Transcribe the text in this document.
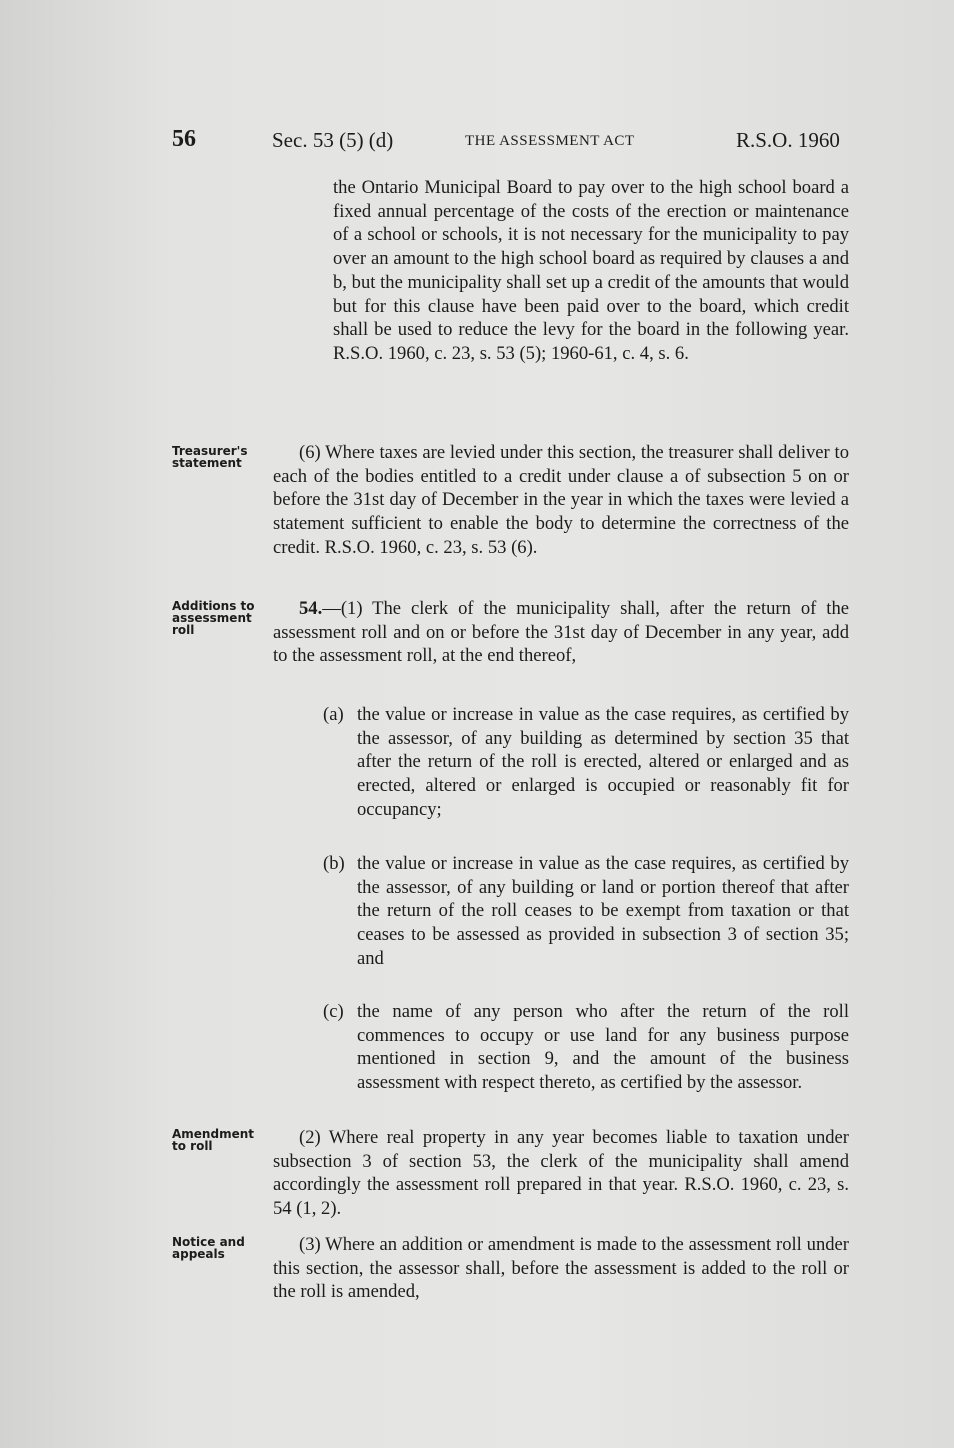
56	Sec. 53 (5) (d)	THE ASSESSMENT ACT	R.S.O. 1960
the Ontario Municipal Board to pay over to the high school board a fixed annual percentage of the costs of the erection or maintenance of a school or schools, it is not necessary for the municipality to pay over an amount to the high school board as required by clauses a and b, but the municipality shall set up a credit of the amounts that would but for this clause have been paid over to the board, which credit shall be used to reduce the levy for the board in the following year. R.S.O. 1960, c. 23, s. 53 (5); 1960-61, c. 4, s. 6.
Treasurer's
statement	(6) Where taxes are levied under this section, the treasurer shall deliver to each of the bodies entitled to a credit under clause a of subsection 5 on or before the 31st day of December in the year in which the taxes were levied a statement sufficient to enable the body to determine the correctness of the credit. R.S.O. 1960, c. 23, s. 53 (6).
Additions to
assessment
roll
54.—(1) The clerk of the municipality shall, after the return of the assessment roll and on or before the 31st day of December in any year, add to the assessment roll, at the end thereof,
(a) the value or increase in value as the case requires, as certified by the assessor, of any building as determined by section 35 that after the return of the roll is erected, altered or enlarged and as erected, altered or enlarged is occupied or reasonably fit for occupancy;
(b) the value or increase in value as the case requires, as certified by the assessor, of any building or land or portion thereof that after the return of the roll ceases to be exempt from taxation or that ceases to be assessed as provided in subsection 3 of section 35; and
(c) the name of any person who after the return of the roll commences to occupy or use land for any business purpose mentioned in section 9, and the amount of the business assessment with respect thereto, as certified by the assessor.
Amendment
to roll	(2) Where real property in any year becomes liable to taxation under subsection 3 of section 53, the clerk of the municipality shall amend accordingly the assessment roll prepared in that year. R.S.O. 1960, c. 23, s. 54 (1, 2).
Notice and
appeals	(3) Where an addition or amendment is made to the assessment roll under this section, the assessor shall, before the assessment is added to the roll or the roll is amended,
